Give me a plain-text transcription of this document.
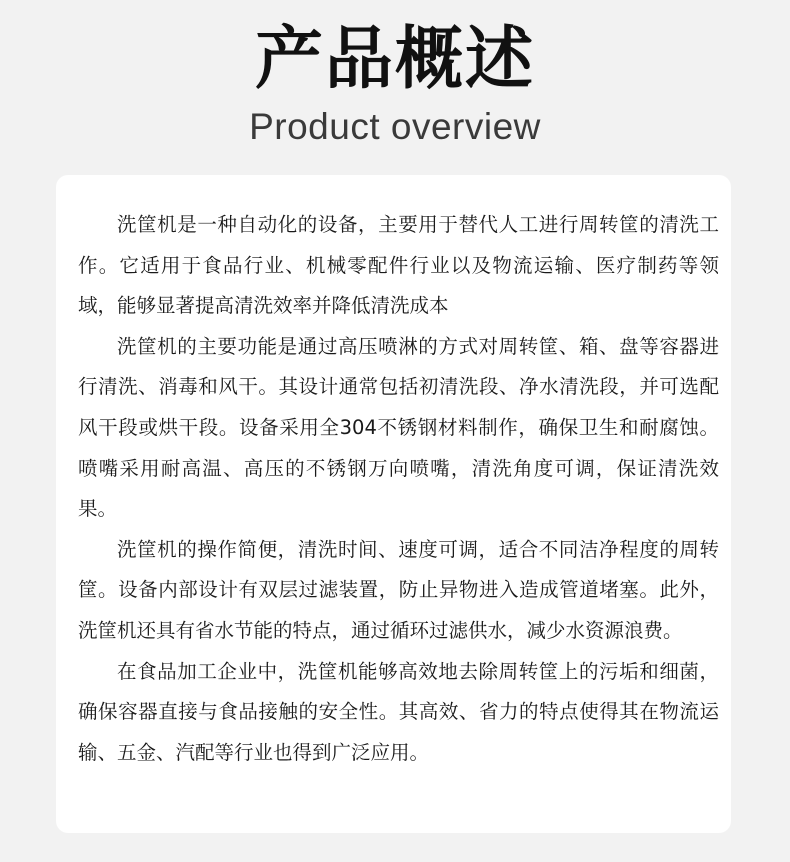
产品概述
Product overview

洗筐机是一种自动化的设备，主要用于替代人工进行周转筐的清洗工作。它适用于食品行业、机械零配件行业以及物流运输、医疗制药等领域，能够显著提高清洗效率并降低清洗成本

洗筐机的主要功能是通过高压喷淋的方式对周转筐、箱、盘等容器进行清洗、消毒和风干。其设计通常包括初清洗段、净水清洗段，并可选配风干段或烘干段。设备采用全304不锈钢材料制作，确保卫生和耐腐蚀。喷嘴采用耐高温、高压的不锈钢万向喷嘴，清洗角度可调，保证清洗效果。

洗筐机的操作简便，清洗时间、速度可调，适合不同洁净程度的周转筐。设备内部设计有双层过滤装置，防止异物进入造成管道堵塞。此外，洗筐机还具有省水节能的特点，通过循环过滤供水，减少水资源浪费。

在食品加工企业中，洗筐机能够高效地去除周转筐上的污垢和细菌，确保容器直接与食品接触的安全性。其高效、省力的特点使得其在物流运输、五金、汽配等行业也得到广泛应用。
